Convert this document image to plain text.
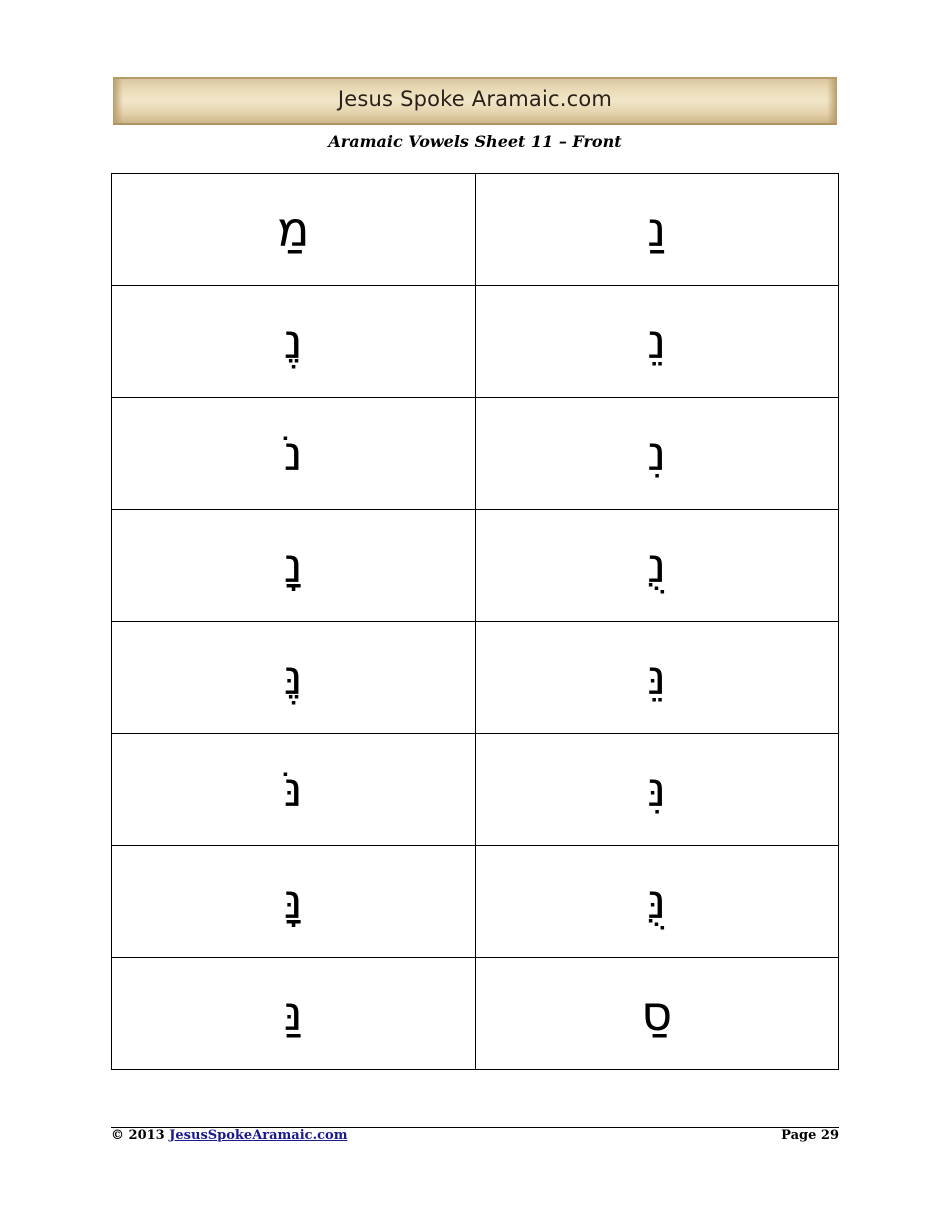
Jesus Spoke Aramaic.com
Aramaic Vowels Sheet 11 – Front
מַ	נַ
נֶ	נֵ
נֹ	נִ
נָ	נֻ
נֶּ	נֵּ
נֹּ	נִּ
נָּ	נֻּ
נַּ	סַ
© 2013 JesusSpokeAramaic.com	Page 29
